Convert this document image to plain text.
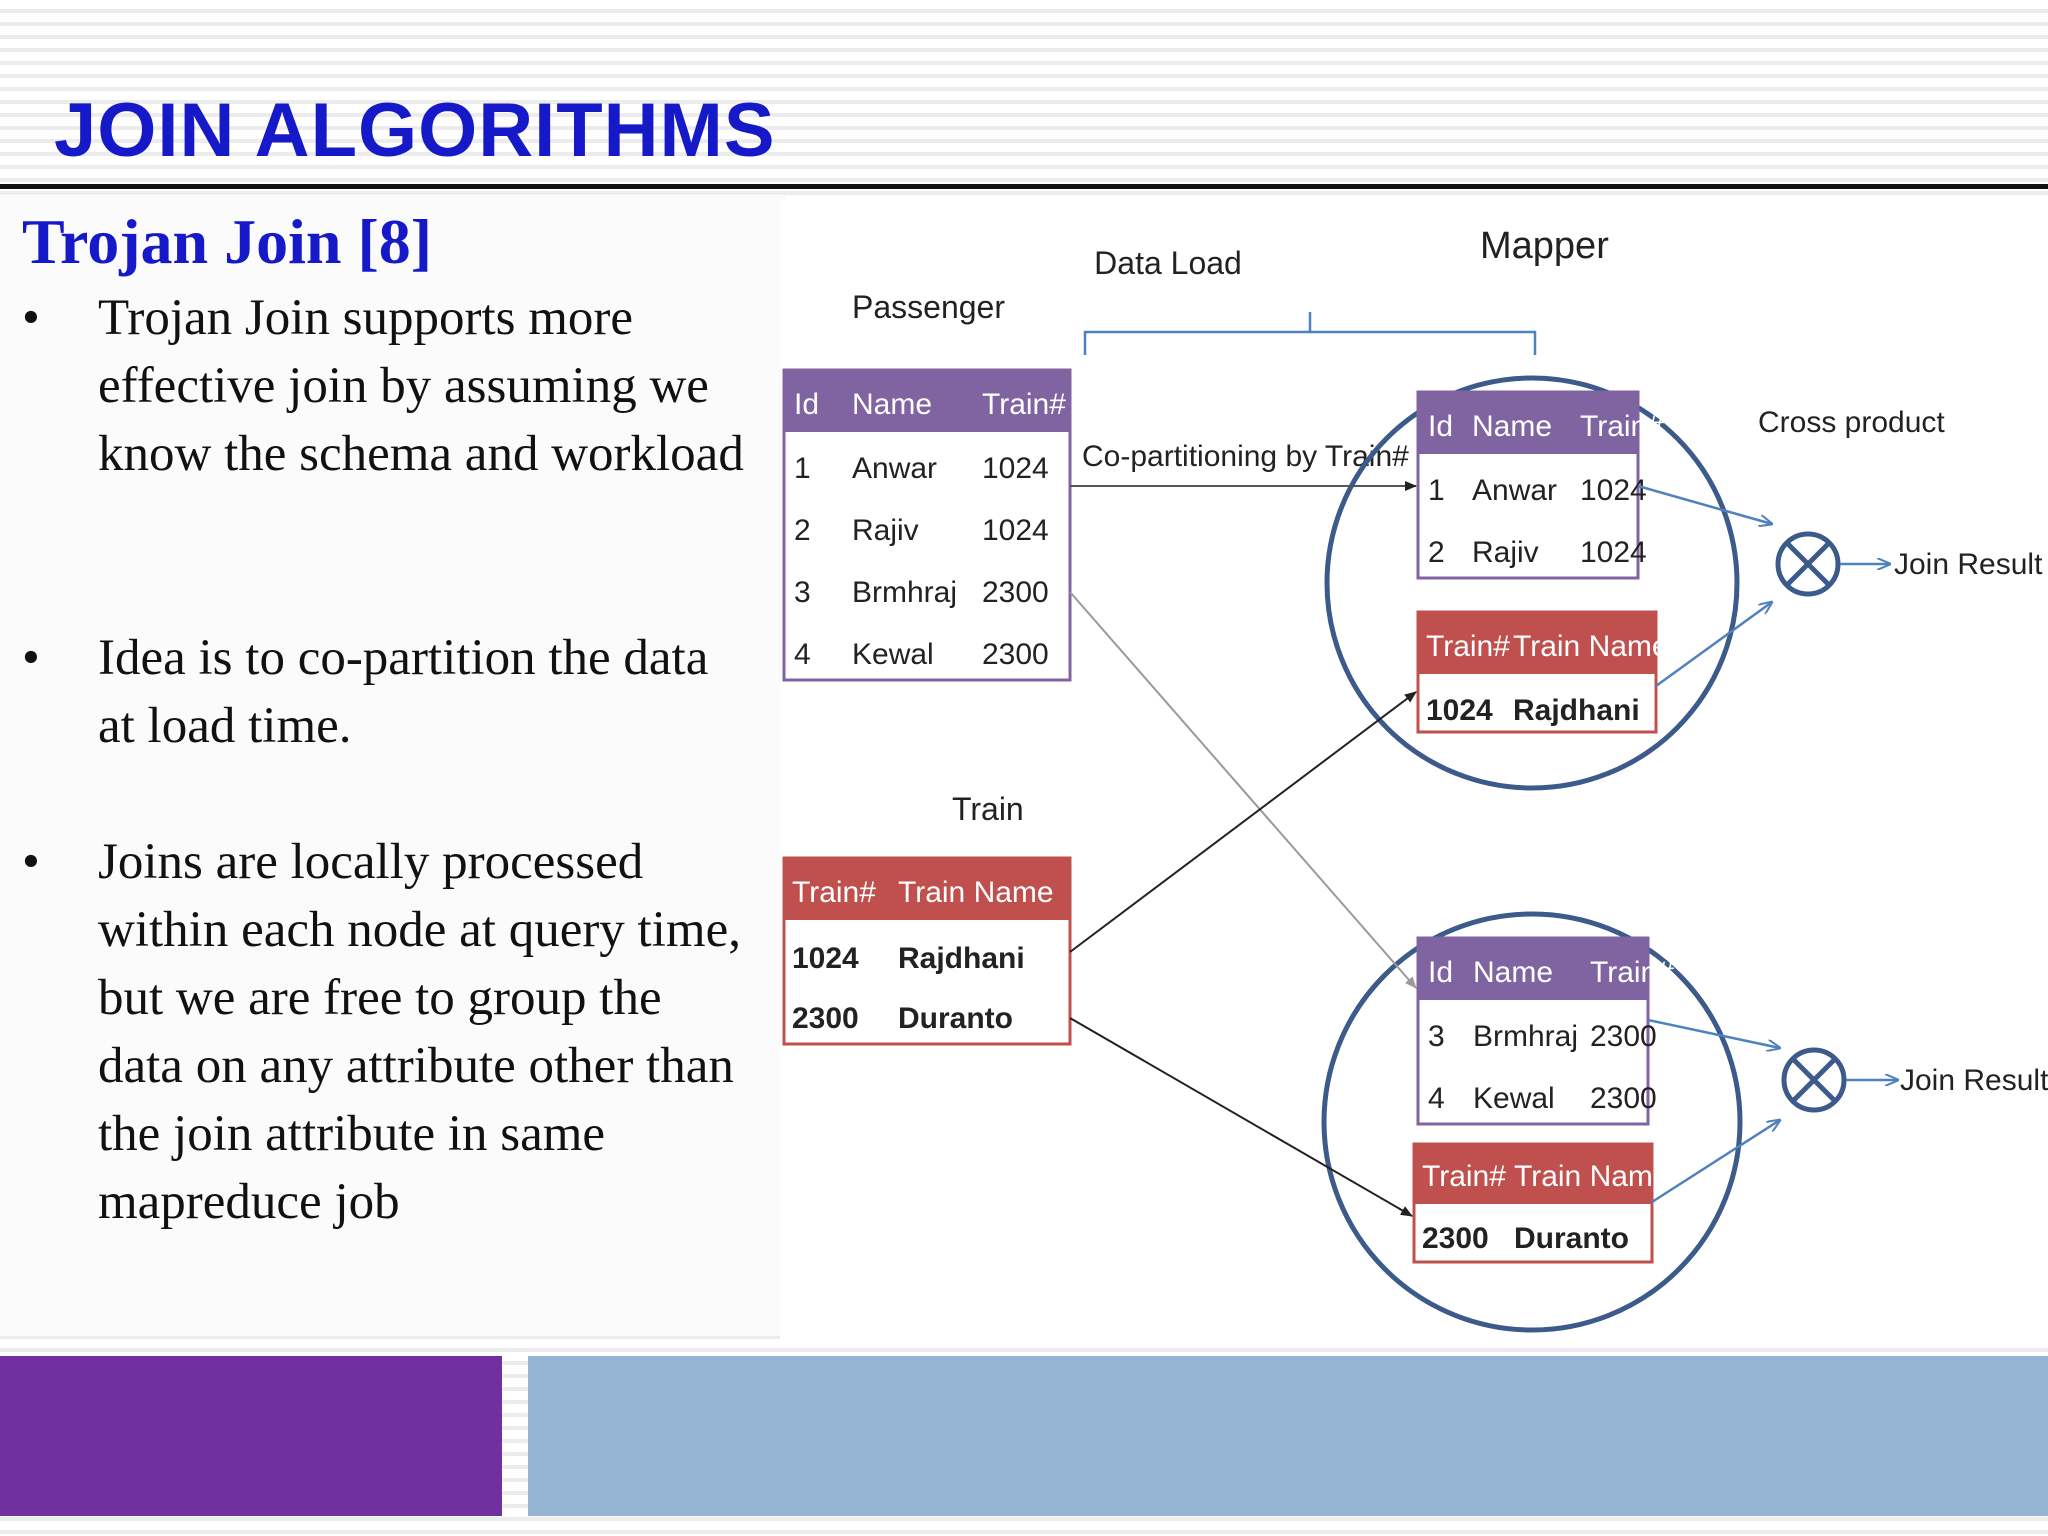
JOIN ALGORITHMS
Trojan Join [8]
•	Trojan Join supports more effective join by assuming we know the schema and workload
•	Idea is to co-partition the data at load time.
•	Joins are locally processed within each node at query time, but we are free to group the data on any attribute other than the join attribute in same mapreduce job
Passenger
Train
Data Load	Mapper
Co-partitioning by Train#
Cross product
Id Name Train#
1 Anwar 1024
2 Rajiv 1024
3 Brmhraj 2300
4 Kewal 2300
Train# Train Name
1024 Rajdhani
2300 Duranto
Id Name Train#
1 Anwar 1024
2 Rajiv 1024
Train# Train Name
1024 Rajdhani
Id Name Train#
3 Brmhraj 2300
4 Kewal 2300
Train# Train Name
2300 Duranto
Join Result
Join Result
